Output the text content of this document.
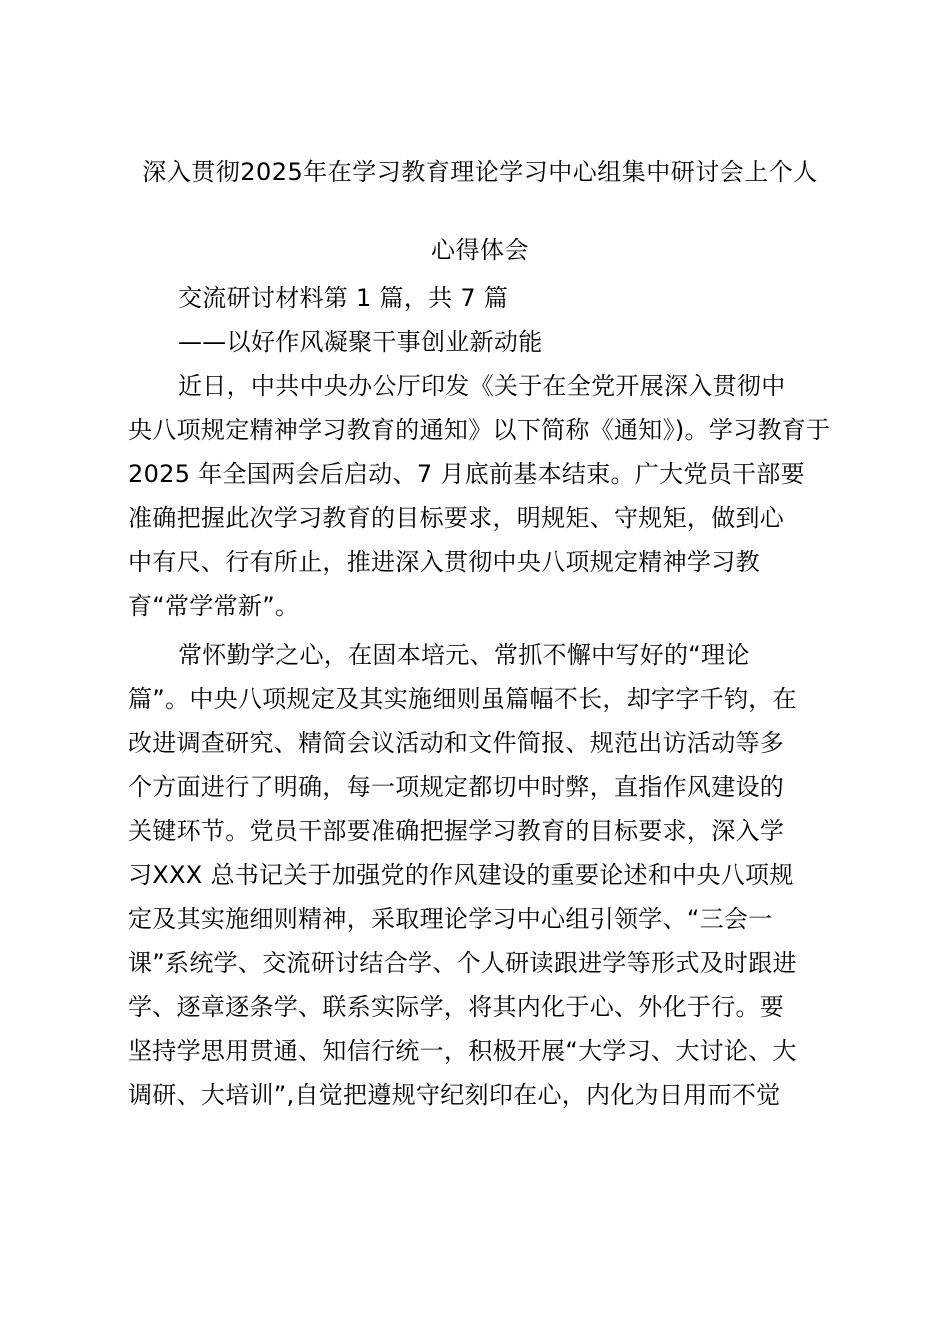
深入贯彻2025年在学习教育理论学习中心组集中研讨会上个人
心得体会
交流研讨材料第 1 篇，共 7 篇
——以好作风凝聚干事创业新动能
近日，中共中央办公厅印发《关于在全党开展深入贯彻中
央八项规定精神学习教育的通知》以下简称《通知》)。学习教育于
2025 年全国两会后启动、7 月底前基本结束。广大党员干部要
准确把握此次学习教育的目标要求，明规矩、守规矩，做到心
中有尺、行有所止，推进深入贯彻中央八项规定精神学习教
育“常学常新”。
常怀勤学之心，在固本培元、常抓不懈中写好的“理论
篇”。中央八项规定及其实施细则虽篇幅不长，却字字千钧，在
改进调查研究、精简会议活动和文件简报、规范出访活动等多
个方面进行了明确，每一项规定都切中时弊，直指作风建设的
关键环节。党员干部要准确把握学习教育的目标要求，深入学
习XXX 总书记关于加强党的作风建设的重要论述和中央八项规
定及其实施细则精神，采取理论学习中心组引领学、“三会一
课”系统学、交流研讨结合学、个人研读跟进学等形式及时跟进
学、逐章逐条学、联系实际学，将其内化于心、外化于行。要
坚持学思用贯通、知信行统一，积极开展“大学习、大讨论、大
调研、大培训”,自觉把遵规守纪刻印在心，内化为日用而不觉
